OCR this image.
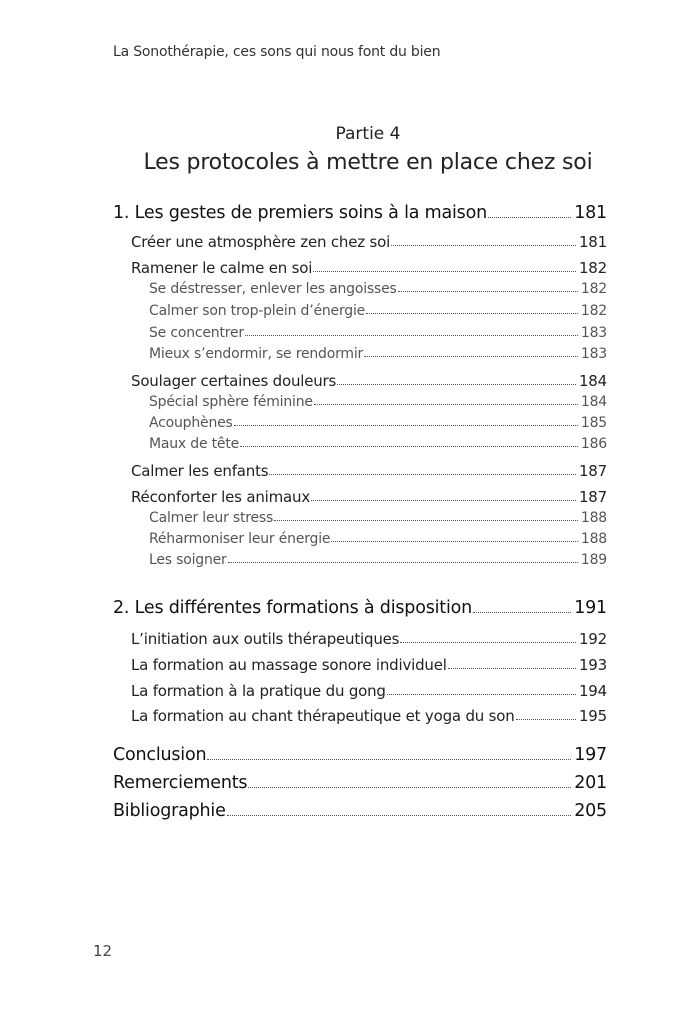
La Sonothérapie, ces sons qui nous font du bien
Partie 4
Les protocoles à mettre en place chez soi
1. Les gestes de premiers soins à la maison	181
Créer une atmosphère zen chez soi	181
Ramener le calme en soi	182
Se déstresser, enlever les angoisses	182
Calmer son trop-plein d’énergie	182
Se concentrer	183
Mieux s’endormir, se rendormir	183
Soulager certaines douleurs	184
Spécial sphère féminine	184
Acouphènes	185
Maux de tête	186
Calmer les enfants	187
Réconforter les animaux	187
Calmer leur stress	188
Réharmoniser leur énergie	188
Les soigner	189
2. Les différentes formations à disposition	191
L’initiation aux outils thérapeutiques	192
La formation au massage sonore individuel	193
La formation à la pratique du gong	194
La formation au chant thérapeutique et yoga du son	195
Conclusion	197
Remerciements	201
Bibliographie	205
12
